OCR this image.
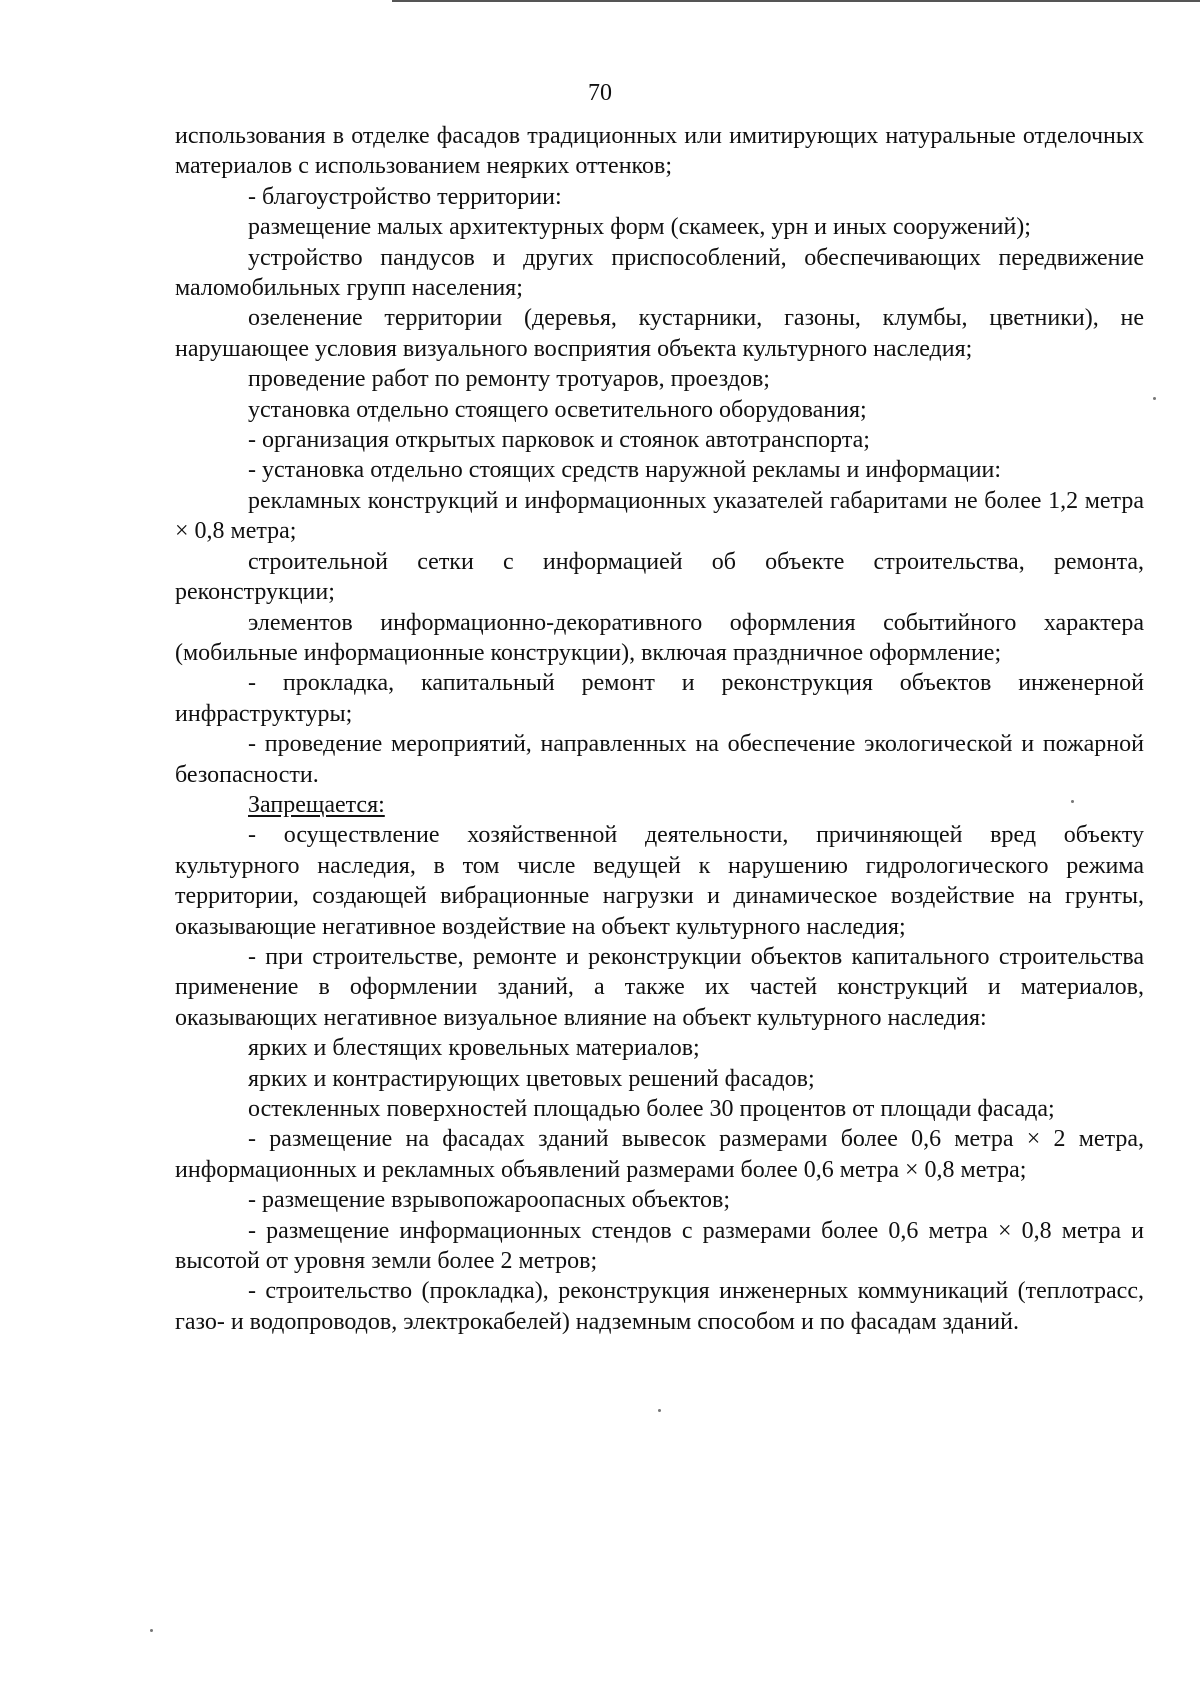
70

использования в отделке фасадов традиционных или имитирующих натуральные отделочных материалов с использованием неярких оттенков;

- благоустройство территории:

размещение малых архитектурных форм (скамеек, урн и иных сооружений);

устройство пандусов и других приспособлений, обеспечивающих передвижение маломобильных групп населения;

озеленение территории (деревья, кустарники, газоны, клумбы, цветники), не нарушающее условия визуального восприятия объекта культурного наследия;

проведение работ по ремонту тротуаров, проездов;

установка отдельно стоящего осветительного оборудования;

- организация открытых парковок и стоянок автотранспорта;

- установка отдельно стоящих средств наружной рекламы и информации:

рекламных конструкций и информационных указателей габаритами не более 1,2 метра × 0,8 метра;

строительной сетки с информацией об объекте строительства, ремонта, реконструкции;

элементов информационно-декоративного оформления событийного характера (мобильные информационные конструкции), включая праздничное оформление;

- прокладка, капитальный ремонт и реконструкция объектов инженерной инфраструктуры;

- проведение мероприятий, направленных на обеспечение экологической и пожарной безопасности.

Запрещается:

- осуществление хозяйственной деятельности, причиняющей вред объекту культурного наследия, в том числе ведущей к нарушению гидрологического режима территории, создающей вибрационные нагрузки и динамическое воздействие на грунты, оказывающие негативное воздействие на объект культурного наследия;

- при строительстве, ремонте и реконструкции объектов капитального строительства применение в оформлении зданий, а также их частей конструкций и материалов, оказывающих негативное визуальное влияние на объект культурного наследия:

ярких и блестящих кровельных материалов;

ярких и контрастирующих цветовых решений фасадов;

остекленных поверхностей площадью более 30 процентов от площади фасада;

- размещение на фасадах зданий вывесок размерами более 0,6 метра × 2 метра, информационных и рекламных объявлений размерами более 0,6 метра × 0,8 метра;

- размещение взрывопожароопасных объектов;

- размещение информационных стендов с размерами более 0,6 метра × 0,8 метра и высотой от уровня земли более 2 метров;

- строительство (прокладка), реконструкция инженерных коммуникаций (теплотрасс, газо- и водопроводов, электрокабелей) надземным способом и по фасадам зданий.
